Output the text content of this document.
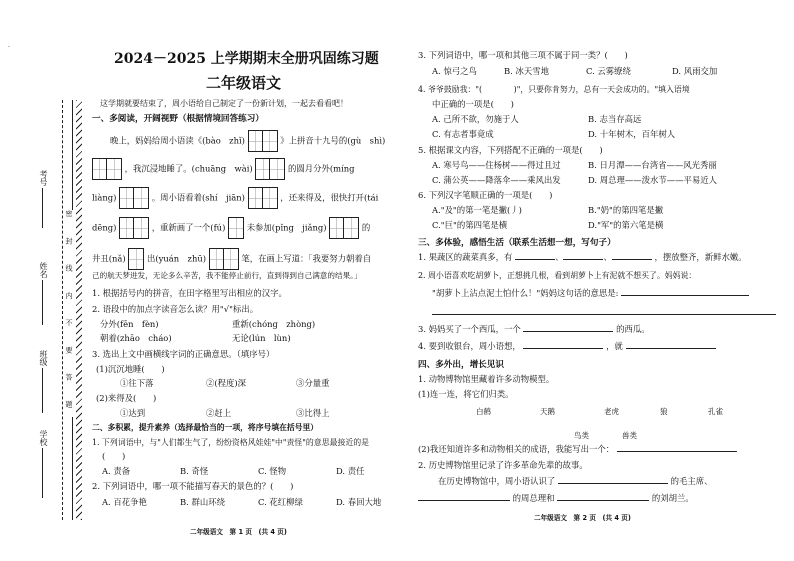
·
考号
姓名
班级
学校
密 封 线 内 不 要 答 题
2024－2025 上学期期末全册巩固练习题
二年级语文
这学期就要结束了，周小语给自己制定了一份新计划，一起去看看吧！
一、多阅读，开阔视野（根据情境回答练习）
晚上，妈妈给周小语读《(bào　zhǐ)	》上拼音十九号的(gù　shì)
，我沉浸地睡了。(chuāng　wài)	的圆月分外(míng
liàng)	。周小语看着(shí　jiān)	，还来得及，很快打开(tái
dēng)	，重新画了一个(fú)	未参加(pǐng　jiǎng)	的
井丑(nǎ)	出(yuán　zhū)	笔，在画上写道：「我要努力朝着自
己的航天梦进发，无论多么辛苦，我不能停止前行，直到得到自己满意的结果。」
1. 根据括号内的拼音，在田字格里写出相应的汉字。
2. 语段中的加点字读音怎么读？用"√"标出。
分外(fēn　fèn)	重新(chóng　zhòng)
朝着(zhāo　cháo)	无论(lún　lùn)
3. 选出上文中画横线字词的正确意思。（填序号）
(1)沉沉地睡(　　)
①往下落	②(程度)深	③分量重
(2)来得及(　　)
①达到	②赶上	③比得上
二、多积累，提升素养（选择最恰当的一项，将序号填在括号里）
1. 下列词语中，与"人们都生气了，纷纷资格风娃娃"中"责怪"的意思最接近的是
(　　)
A. 责备	B. 奇怪	C. 怪物	D. 责任
2. 下列词语中，哪一项不能描写春天的景色的？(　　)
A. 百花争艳	B. 群山环绕	C. 花红柳绿	D. 春回大地
二年级语文　第 1 页　(共 4 页)
3. 下列词语中，哪一项和其他三项不属于同一类？(　　)
A. 惊弓之鸟	B. 冰天雪地	C. 云雾缭绕	D. 风雨交加
4. 爷爷鼓励我："(　　　　)"，只要你肯努力，总有一天会成功的。"填入语境
中正确的一项是(　　)
A. 己所不欲，勿施于人	B. 志当存高远
C. 有志者事竟成	D. 十年树木，百年树人
5. 根据课文内容，下列搭配不正确的一项是(　　)
A. 寒号鸟——住杨树——得过且过	B. 日月潭——台湾省——风光秀丽
C. 蒲公英——降落伞——乘风出发	D. 周总理——泼水节——平易近人
6. 下列汉字笔顺正确的一项是(　　)
A."及"的第一笔是撇(丿)	B."奶"的第四笔是撇
C."巨"的第四笔是横	D."军"的第六笔是横
三、多体验，感悟生活（联系生活想一想，写句子）
1. 果蔬区的蔬菜真多，有	、	、	，摆放整齐，新鲜水嫩。
2. 周小语喜欢吃胡萝卜，正想挑几根，看到胡萝卜上有泥就不想买了。妈妈说：
"胡萝卜上沾点泥土怕什么！"妈妈这句话的意思是:
3. 妈妈买了一个西瓜，一个	的西瓜。
4. 要到收银台，周小语想，	，就
四、多外出，增长见识
1. 动物博物馆里藏着许多动物模型。
(1)连一连，将它们归类。
白鹤	天鹅	老虎	狼	孔雀
鸟类	兽类
(2)我还知道许多和动物相关的成语，我能写出一个：
2. 历史博物馆里记录了许多革命先辈的故事。
在历史博物馆中，周小语认识了	的毛主席、
的周总理和	的刘胡兰。
二年级语文　第 2 页　(共 4 页)
